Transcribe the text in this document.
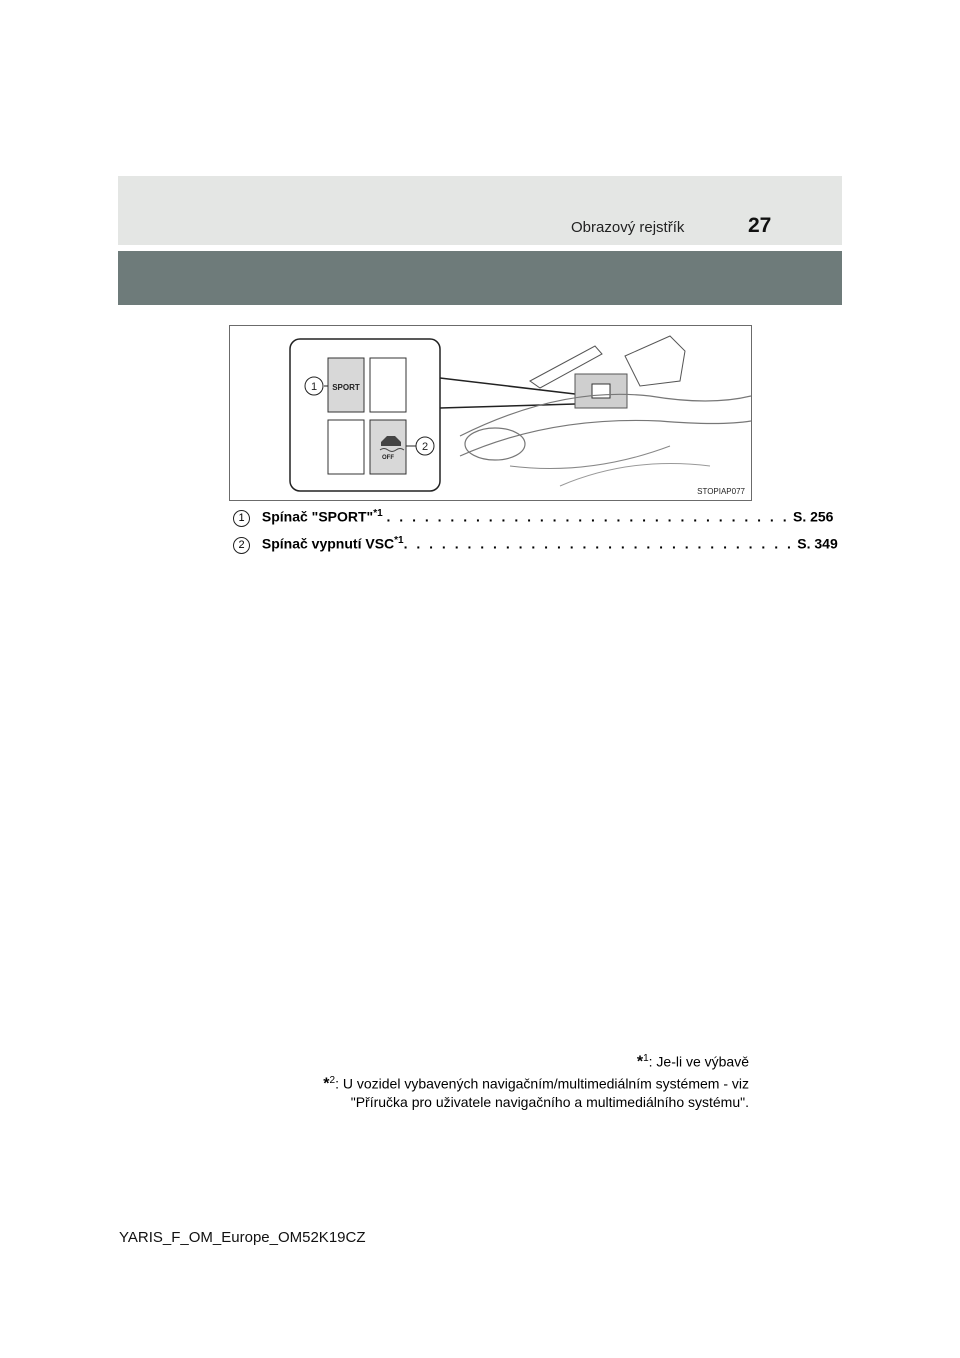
Obrazový rejstřík	27
SPORT
OFF
1
2
STOPIAP077
1 Spínač "SPORT"$^{*1}$ . . . . . . . . . . . . . . . . . . . . . . . . . . . . . . . . S. 256
2 Spínač vypnutí VSC$^{*1}$. . . . . . . . . . . . . . . . . . . . . . . . . . . . . . . S. 349
*$^1$: Je-li ve výbavě
*$^2$: U vozidel vybavených navigačním/multimediálním systémem - viz
"Příručka pro uživatele navigačního a multimediálního systému".
YARIS_F_OM_Europe_OM52K19CZ
